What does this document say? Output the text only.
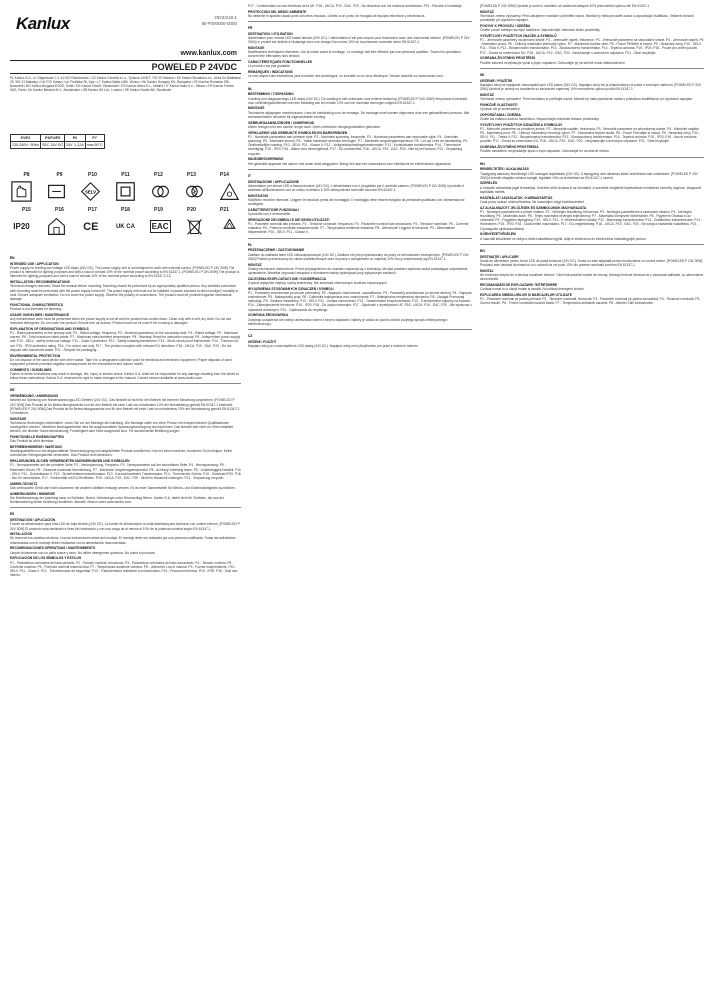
Kanlux	29233/18-1
IB-P000000-0000
www.kanlux.com
POWELED P 24VDC
PL Kanlux S.A., ul. Objazdowa 1-3, 41-922 Radzionków • CZ Kanlux Czechia s.r.o., Tyršova 1426/7, 702 00 Ostrava • SK Kanlux Slovakia s.r.o., Ulica Ku Bratislave 25, 901 01 Malacky • UA TOV Kanlux, vul. Podilska 28, Kyiv • LT Kanlux Baltic UAB, Vilnius • HU Kanlux Hungary Kft., Budapest • RO Kanlux Romania SRL, Bucuresti • BG Kanlux Bulgaria EOOD, Sofia • DE Kanlux GmbH, Düsseldorf • ES Kanlux Iberia S.L., Madrid • IT Kanlux Italia S.r.l., Milano • FR Kanlux France SAS, Paris • NL Kanlux Benelux B.V., Amsterdam • GB Kanlux UK Ltd., London • SE Kanlux Nordic AB, Stockholm
P1/P2	P3/P4/P5	P6	P7
230-240V~ 50Hz	SEC 24V DC	24V, 1-12A	max 50°C
P8	P9	P10	P11	P12	P13	P14
SELV
P15	P16	P17	P18	P19	P20	P21
IP20	CE	UK CA EAC
EN
INTENDED USE / APPLICATION

Power supply for feeding low voltage LED strips (24V DC). The power supply unit is not designed to work with external control. [POWELED P 24V 30W] The product is intended for lighting purposes and with a load of at least 10% of the nominal power according to EN 61347-1. [POWELED P 24V 60W] The product is intended for lighting purposes and with a load of at least 10% of the nominal power according to EN 61347-2-13.

INSTALLATION / RECOMMENDATIONS

Technical changes reserved. Read the manual before mounting. Mounting should be performed by an appropriately qualified person. Any activities connected with mounting must be performed with the power supply turned off. The power supply unit must not be installed in places exposed to direct sunlight, humidity or heat. Ensure adequate ventilation. Do not cover the power supply. Observe the polarity of connections. The product must be protected against mechanical damage.

FUNCTIONAL CHARACTERISTICS

Product is not intended for dimming.

USAGE GUIDELINES / MAINTENANCE

Any maintenance work must be performed when the power supply is cut off and the product has cooled down. Clean only with a soft, dry cloth. Do not use chemical detergents. Do not cover the product. Ensure free air access. Product must not be used if the housing is damaged.

EXPLANATION OF DESIGNATIONS AND SYMBOLS

P1 - Rated parameters on the primary side. P2 - Rated voltage, frequency. P3 - Nominal parameters on the secondary side. P4 - Rated voltage. P5 - Maximum current. P6 - Total maximum rated power. P7 - Maximum rated ambient temperature. P8 - Warning! Read the instruction manual. P9 - Independent power supply unit. P10 - SELV - safety extra low voltage. P11 - Class II protection. P12 - Safety isolating transformer. P13 - Short-circuit proof transformer. P14 - Thermal cut-out. P15 - IP20 protection rating. P16 - For indoor use only. P17 - The product complies with relevant EU directives. P18 - UKCA. P19 - EAC. P20 - Do not dispose with household waste. P21 - Recycle the packaging.

ENVIRONMENTAL PROTECTION

Do not dispose of the used device with other waste. Take it to a designated collection point for electrical and electronic equipment. Proper disposal of used equipment prevents potential negative consequences for the environment and human health.

COMMENTS / GUIDELINES

Failure to follow instructions may result in damage, fire, injury or electric shock. Kanlux S.A. shall not be responsible for any damage resulting from the failure to follow these instructions. Kanlux S.A. reserves the right to make changes to the manual. Current version available at www.kanlux.com.

DE
VERWENDUNG / ANWENDUNG

Netzteil zur Speisung von Niederspannungs-LED-Streifen (24V DC). Das Netzteil ist nicht für den Betrieb mit externer Steuerung vorgesehen. [POWELED P 24V 30W] Das Produkt ist für Beleuchtungszwecke und für den Betrieb mit einer Last von mindestens 10% der Nennleistung gemäß EN 61347-1 bestimmt. [POWELED P 24V 60W] Das Produkt ist für Beleuchtungszwecke und für den Betrieb mit einer Last von mindestens 10% der Nennleistung gemäß EN 61347-2-13 bestimmt.

MONTAGE

Technische Änderungen vorbehalten. Lesen Sie vor der Montage die Anleitung. Die Montage sollte von einer Person mit entsprechenden Qualifikationen durchgeführt werden. Sämtliche Montagearbeiten sind bei ausgeschalteter Spannungsversorgung durchzuführen. Das Netzteil darf nicht an Orten installiert werden, die direkter Sonneneinstrahlung, Feuchtigkeit oder Hitze ausgesetzt sind. Für ausreichende Belüftung sorgen.

FUNKTIONELLE EIGENSCHAFTEN

Das Produkt ist nicht dimmbar.

BETRIEBSHINWEISE / WARTUNG

Wartungsarbeiten nur bei abgeschalteter Stromversorgung und abgekühltem Produkt durchführen. Nur mit einem weichen, trockenen Tuch reinigen. Keine chemischen Reinigungsmittel verwenden. Das Produkt nicht abdecken.

ERKLÄRUNGEN ZU DEN VERWENDETEN MARKIERUNGEN UND SYMBOLEN

P1 - Nennparameter auf der primären Seite. P2 - Nennspannung, Frequenz. P3 - Nennparameter auf der sekundären Seite. P4 - Nennspannung. P5 - Maximaler Strom. P6 - Gesamte maximale Nennleistung. P7 - Maximale Umgebungstemperatur. P8 - Achtung! Anleitung lesen. P9 - Unabhängiges Netzteil. P10 - SELV. P11 - Schutzklasse II. P12 - Sicherheitstrenntransformator. P13 - Kurzschlussfester Transformator. P14 - Thermischer Schutz. P15 - Schutzart IP20. P16 - Nur für Innenräume. P17 - Konformität mit EU-Richtlinien. P18 - UKCA. P19 - EAC. P20 - Nicht im Hausmüll entsorgen. P21 - Verpackung recyceln.

UMWELTSCHUTZ

Das verbrauchte Gerät darf nicht zusammen mit anderen Abfällen entsorgt werden. Es ist einer Sammelstelle für Elektro- und Elektronikaltgeräte zuzuführen.

ANMERKUNGEN / HINWEISE

Die Nichtbeachtung der Anleitung kann zu Schäden, Brand, Verletzungen oder Stromschlag führen. Kanlux S.A. haftet nicht für Schäden, die aus der Nichtbeachtung dieser Anleitung resultieren. Aktuelle Version unter www.kanlux.com.

ES
DESTINACIÓN / APLICACIÓN

Fuente de alimentación para tiras LED de baja tensión (24V DC). La fuente de alimentación no está diseñada para funcionar con control externo. [POWELED P 24V 30W] El producto está destinado a fines de iluminación y con una carga de al menos el 10% de la potencia nominal según EN 61347-1.

INSTALACIÓN

Se reservan los cambios técnicos. Lea las instrucciones antes del montaje. El montaje debe ser realizado por una persona cualificada. Todas las actividades relacionadas con el montaje deben realizarse con la alimentación desconectada.

RECOMENDACIONES OPERATIVAS / MANTENIMIENTO

Limpie únicamente con un paño suave y seco. No utilice detergentes químicos. No cubra el producto.

EXPLICACIÓN DE LOS SÍMBOLOS Y ESTILOS

P1 - Parámetros nominales del lado primario. P2 - Tensión nominal, frecuencia. P3 - Parámetros nominales del lado secundario. P4 - Tensión nominal. P5 - Corriente máxima. P6 - Potencia nominal máxima total. P7 - Temperatura ambiente máxima. P8 - ¡Atención! Lea el manual. P9 - Fuente independiente. P10 - SELV. P11 - Clase II. P12 - Transformador de seguridad. P13 - Transformador resistente a cortocircuitos. P14 - Protección térmica. P15 - IP20. P16 - Solo uso interior.

P17 - Conformidad con las directivas de la UE. P18 - UKCA. P19 - EAC. P20 - No desechar con los residuos domésticos. P21 - Reciclar el embalaje.

PROTECCIÓN DEL MEDIO AMBIENTE

No deseche el aparato usado junto con otros residuos. Llévelo a un punto de recogida de equipos eléctricos y electrónicos.

FR
DESTINATION / UTILISATION

Alimentation pour rubans LED basse tension (24V DC). L'alimentation n'est pas conçue pour fonctionner avec une commande externe. [POWELED P 24V 30W] Le produit est destiné à l'éclairage avec une charge d'au moins 10% de la puissance nominale selon EN 61347-1.

MONTAGE

Modifications techniques réservées. Lire la notice avant le montage. Le montage doit être effectué par une personne qualifiée. Toutes les opérations doivent être effectuées hors tension.

CARACTÉRISTIQUES FONCTIONNELLES

Le produit n'est pas gradable.

REMARQUES / INDICATIONS

Le non-respect des instructions peut entraîner des dommages, un incendie ou un choc électrique. Version actuelle sur www.kanlux.com.

NL
BESTEMMING / TOEPASSING

Voeding voor laagspannings-LED-strips (24V DC). De voeding is niet ontworpen voor externe besturing. [POWELED P 24V 30W] Het product is bedoeld voor verlichtingsdoeleinden met een belasting van ten minste 10% van het nominale vermogen volgens EN 61347-1.

MONTAGE

Technische wijzigingen voorbehouden. Lees de handleiding voor de montage. De montage moet worden uitgevoerd door een gekwalificeerd persoon. Alle werkzaamheden uitvoeren bij uitgeschakelde voeding.

GEBRUIKSAANWIJZINGEN / ONDERHOUD

Alleen reinigen met een zachte, droge doek. Geen chemische reinigingsmiddelen gebruiken.

VERKLARING VAN GEBRUIKTE SYMBOLEN EN MARKERINGEN

P1 - Nominale parameters aan primaire zijde. P2 - Nominale spanning, frequentie. P3 - Nominale parameters aan secundaire zijde. P4 - Nominale spanning. P5 - Maximale stroom. P6 - Totaal maximaal nominaal vermogen. P7 - Maximale omgevingstemperatuur. P8 - Let op! Lees de handleiding. P9 - Onafhankelijke voeding. P10 - SELV. P11 - Klasse II. P12 - Veiligheidsscheidingstransformator. P13 - Kortsluitvaste transformator. P14 - Thermische beveiliging. P15 - IP20. P16 - Alleen voor binnengebruik. P17 - EU-conformiteit. P18 - UKCA. P19 - EAC. P20 - Niet bij het huisvuil. P21 - Verpakking recyclen.

MILIEUBESCHERMING

Het gebruikte apparaat niet samen met ander afval weggooien. Breng het naar een inzamelpunt voor elektrische en elektronische apparatuur.

IT
DESTINAZIONE / APPLICAZIONE

Alimentatore per strisce LED a bassa tensione (24V DC). L'alimentatore non è progettato per il controllo esterno. [POWELED P 24V 30W] Il prodotto è destinato all'illuminazione con un carico di almeno il 10% della potenza nominale secondo EN 61347-1.

MONTAGGIO

Modifiche tecniche riservate. Leggere le istruzioni prima del montaggio. Il montaggio deve essere eseguito da personale qualificato con l'alimentazione scollegata.

CARATTERISTICHE FUNZIONALI

Il prodotto non è dimmerabile.

SPIEGAZIONE DEI SIMBOLI E DEI SEGNI UTILIZZATI

P1 - Parametri nominali lato primario. P2 - Tensione nominale, frequenza. P3 - Parametri nominali lato secondario. P4 - Tensione nominale. P5 - Corrente massima. P6 - Potenza nominale massima totale. P7 - Temperatura ambiente massima. P8 - Attenzione! Leggere le istruzioni. P9 - Alimentatore indipendente. P10 - SELV. P11 - Classe II.

PL
PRZEZNACZENIE / ZASTOSOWANIE

Zasilacz do zasilania taśm LED niskonapięciowych (24V DC). Zasilacz nie jest przystosowany do pracy ze sterowaniem zewnętrznym. [POWELED P 24V 30W] Produkt przeznaczony do celów oświetleniowych oraz do pracy z obciążeniem co najmniej 10% mocy znamionowej wg EN 61347-1.

MONTAŻ

Zmiany techniczne zastrzeżone. Przed przystąpieniem do montażu zapoznaj się z instrukcją. Montaż powinien wykonać osoba posiadająca odpowiednie uprawnienia. Wszelkie czynności związane z montażem należy wykonywać przy wyłączonym zasilaniu.

ZALECENIA EKSPLOATACYJNE / KONSERWACJA

Czyścić wyłącznie miękką, suchą ściereczką. Nie stosować chemicznych środków czyszczących.

WYJAŚNIENIA STOSOWANYCH OZNACZEŃ I SYMBOLI

P1 - Parametry znamionowe po stronie pierwotnej. P2 - Napięcie znamionowe, częstotliwość. P3 - Parametry znamionowe po stronie wtórnej. P4 - Napięcie znamionowe. P5 - Maksymalny prąd. P6 - Całkowita maksymalna moc znamionowa. P7 - Maksymalna temperatura otoczenia. P8 - Uwaga! Przeczytaj instrukcję. P9 - Zasilacz niezależny. P10 - SELV. P11 - II klasa ochronności. P12 - Transformator bezpieczeństwa. P13 - Transformator odporny na zwarcie. P14 - Zabezpieczenie termiczne. P15 - IP20. P16 - Do użytku wewnątrz. P17 - Zgodność z dyrektywami UE. P18 - UKCA. P19 - EAC. P20 - Nie wyrzucać z odpadami domowymi. P21 - Opakowanie do recyklingu.

OCHRONA ŚRODOWISKA

Zużytego urządzenia nie należy umieszczać razem z innymi odpadami. Należy je oddać do punktu zbiórki zużytego sprzętu elektrycznego i elektronicznego.

CZ
URČENÍ / POUŽITÍ

Napájecí zdroj pro nízkonapěťové LED pásky (24V DC). Napájecí zdroj není přizpůsoben pro práci s externím řízením.

[POWELED P 24V 30W] Výrobek je určen k osvětlení se zatížením alespoň 10% jmenovitého výkonu dle EN 61347-1.

MONTÁŽ

Technické změny vyhrazeny. Před zahájením montáže si přečtěte návod. Montáž by měla provádět osoba s odpovídající kvalifikací. Veškeré činnosti provádějte při vypnutém napájení.

POKYNY K PROVOZU / ÚDRŽBA

Čistěte pouze měkkým suchým hadříkem. Nepoužívejte chemické čisticí prostředky.

VYSVĚTLIVKY POUŽITÝCH ZNAČEK A SYMBOLŮ

P1 - Jmenovité parametry na primární straně. P2 - Jmenovité napětí, frekvence. P3 - Jmenovité parametry na sekundární straně. P4 - Jmenovité napětí. P5 - Maximální proud. P6 - Celkový maximální jmenovitý výkon. P7 - Maximální teplota okolí. P8 - Pozor! Přečtěte si návod. P9 - Nezávislý zdroj. P10 - SELV. P11 - Třída II. P12 - Bezpečnostní transformátor. P13 - Zkratuvzdorný transformátor. P14 - Tepelná ochrana. P15 - IP20. P16 - Pouze pro vnitřní použití. P17 - Shoda se směrnicemi EU. P18 - UKCA. P19 - EAC. P20 - Nevyhazujte s domovním odpadem. P21 - Obal recyklujte.

OCHRANA ŽIVOTNÍHO PROSTŘEDÍ

Použité zařízení nevyhazujte spolu s jiným odpadem. Odevzdejte jej na sběrné místo elektrozařízení.

SK
URČENIE / POUŽITIE

Napájací zdroj na napájanie nízkonapäťových LED pásov (24V DC). Napájací zdroj nie je prispôsobený na prácu s externým riadením. [POWELED P 24V 30W] Výrobok je určený na osvetlenie so zaťažením najmenej 10% menovitého výkonu podľa EN 61347-1.

MONTÁŽ

Technické zmeny vyhradené. Pred montážou si prečítajte návod. Montáž by mala vykonávať osoba s príslušnou kvalifikáciou pri vypnutom napájaní.

FUNKČNÉ VLASTNOSTI

Výrobok nie je stmievateľný.

ODPORÚČANIA / ÚDRŽBA

Čistite iba mäkkou suchou handričkou. Nepoužívajte chemické čistiace prostriedky.

VYSVETLIVKY POUŽITÝCH OZNAČENÍ A SYMBOLOV

P1 - Menovité parametre na primárnej strane. P2 - Menovité napätie, frekvencia. P3 - Menovité parametre na sekundárnej strane. P4 - Menovité napätie. P5 - Maximálny prúd. P6 - Celkový maximálny menovitý výkon. P7 - Maximálna teplota okolia. P8 - Pozor! Prečítajte si návod. P9 - Nezávislý zdroj. P10 - SELV. P11 - Trieda II. P12 - Bezpečnostný transformátor. P13 - Skratuvzdorný transformátor. P14 - Tepelná ochrana. P15 - IP20. P16 - Iba na vnútorné použitie. P17 - Zhoda so smernicami EÚ. P18 - UKCA. P19 - EAC. P20 - Nevyhadzujte s domovým odpadom. P21 - Obal recyklujte.

OCHRANA ŽIVOTNÉHO PROSTREDIA

Použité zariadenie nevyhadzujte spolu s iným odpadom. Odovzdajte ho na zberné miesto.

HU
RENDELTETÉS / ALKALMAZÁS

Tápegység alacsony feszültségű LED szalagok táplálására (24V DC). A tápegység nem alkalmas külső vezérléssel való működésre. [POWELED P 24V 30W] A termék világítási célokra szolgál, legalább 10%-os terheléssel az EN 61347-1 szerint.

SZERELÉS

A műszaki változtatás jogát fenntartjuk. Szerelés előtt olvassa el az útmutatót. A szerelést megfelelő képesítéssel rendelkező személy végezze, kikapcsolt tápellátás mellett.

HASZNÁLATI JAVASLATOK / KARBANTARTÁS

Csak puha, száraz ruhával tisztítsa. Ne használjon vegyi tisztítószereket.

AZ ALKALMAZOTT JELÖLÉSEK ÉS SZIMBÓLUMOK MAGYARÁZATA

P1 - Névleges paraméterek a primer oldalon. P2 - Névleges feszültség, frekvencia. P3 - Névleges paraméterek a szekunder oldalon. P4 - Névleges feszültség. P5 - Maximális áram. P6 - Teljes maximális névleges teljesítmény. P7 - Maximális környezeti hőmérséklet. P8 - Figyelem! Olvassa el az útmutatót. P9 - Független tápegység. P10 - SELV. P11 - II. érintésvédelmi osztály. P12 - Biztonsági transzformátor. P13 - Zárlatbiztos transzformátor. P14 - Hővédelem. P15 - IP20. P16 - Csak beltéri használatra. P17 - EU-megfelelőség. P18 - UKCA. P19 - EAC. P20 - Ne dobja a háztartási hulladékba. P21 - Csomagolás újrahasznosítása.

KÖRNYEZETVÉDELEM

A használt készüléket ne dobja a többi hulladékkal együtt. Adja le elektromos és elektronikus hulladékgyűjtő ponton.

RO
DESTINAȚIE / APLICARE

Sursă de alimentare pentru benzi LED de joasă tensiune (24V DC). Sursa nu este adaptată pentru funcționarea cu control extern. [POWELED P 24V 30W] Produsul este destinat iluminatului cu o sarcină de cel puțin 10% din puterea nominală conform EN 61347-1.

MONTAJ

Ne rezervăm dreptul de a efectua modificări tehnice. Citiți instrucțiunile înainte de montaj. Montajul trebuie efectuat de o persoană calificată, cu alimentarea deconectată.

RECOMANDĂRI DE EXPLOATARE / ÎNTREȚINERE

Curățați numai cu o cârpă moale și uscată. Nu utilizați detergenți chimici.

EXPLICAREA SIMBOLURILOR ȘI MARCAJELOR UTILIZATE

P1 - Parametri nominali pe partea primară. P2 - Tensiune nominală, frecvență. P3 - Parametri nominali pe partea secundară. P4 - Tensiune nominală. P5 - Curent maxim. P6 - Putere nominală maximă totală. P7 - Temperatura ambiantă maximă. P8 - Atenție! Citiți instrucțiunile.
